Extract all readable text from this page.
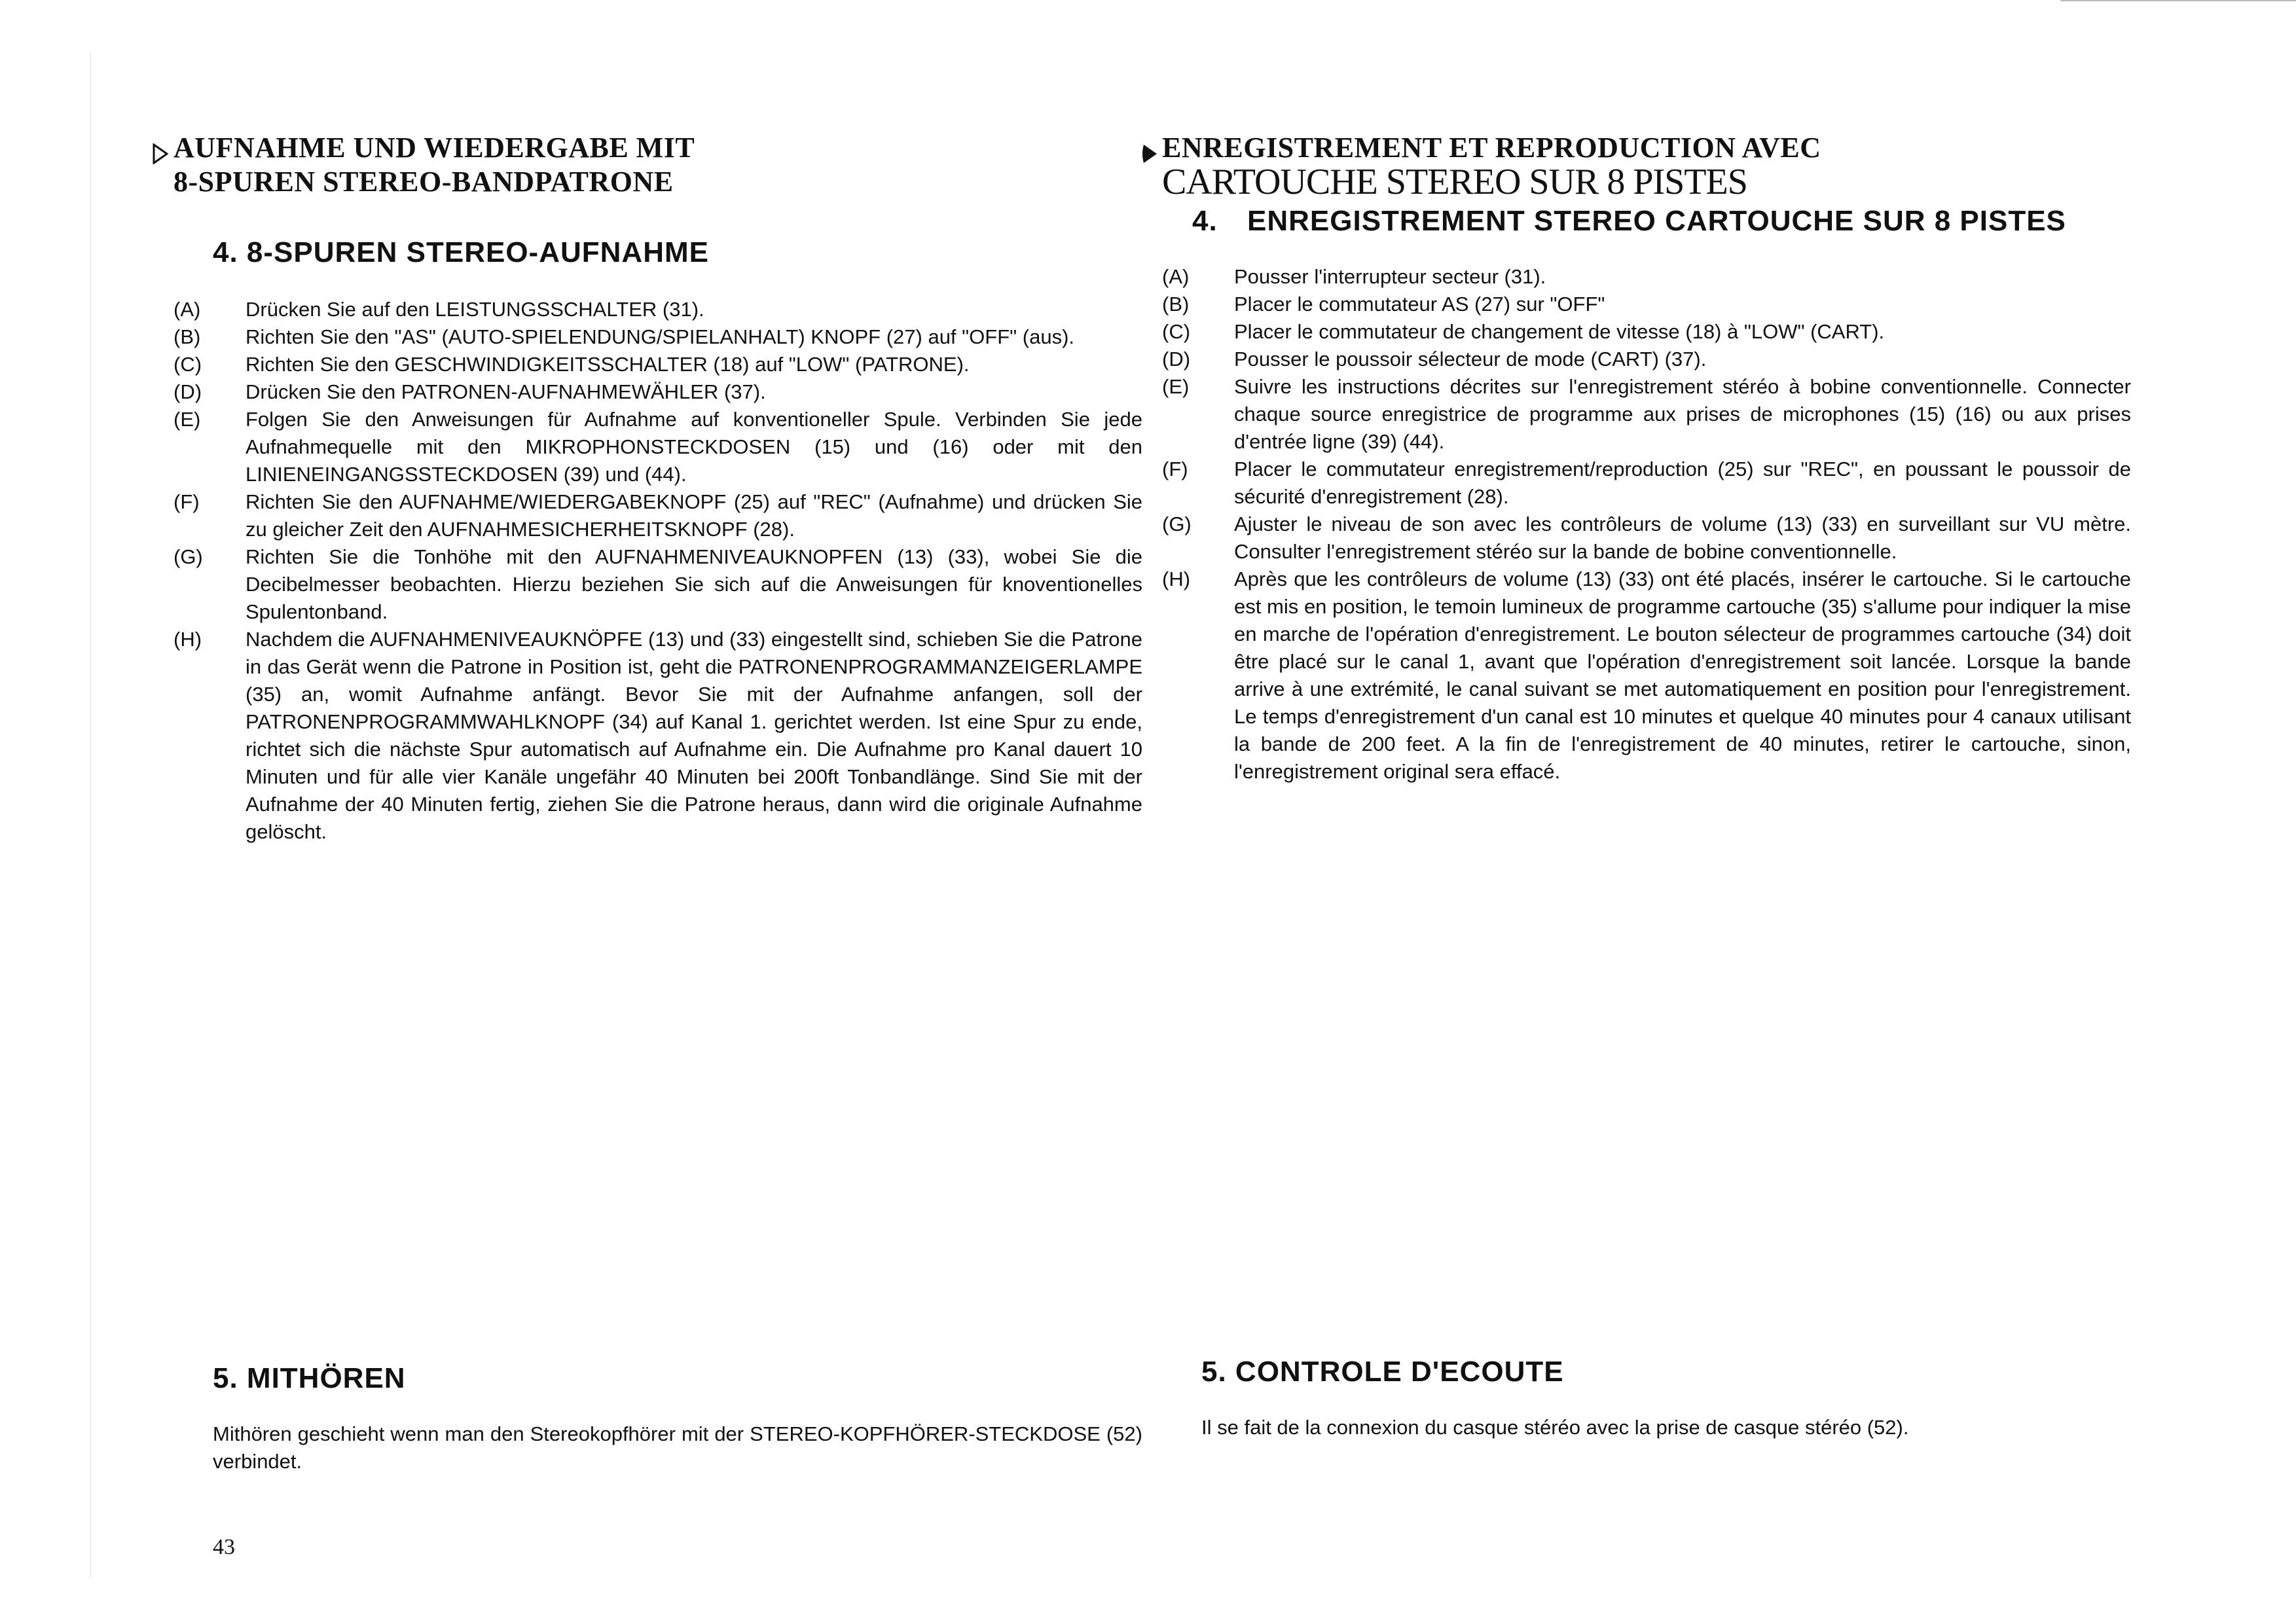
AUFNAHME UND WIEDERGABE MIT
8-SPUREN STEREO-BANDPATRONE
4. 8-SPUREN STEREO-AUFNAHME
(A)	Drücken Sie auf den LEISTUNGSSCHALTER (31).
(B)	Richten Sie den "AS" (AUTO-SPIELENDUNG/SPIELANHALT) KNOPF (27) auf "OFF" (aus).
(C)	Richten Sie den GESCHWINDIGKEITSSCHALTER (18) auf "LOW" (PATRONE).
(D)	Drücken Sie den PATRONEN-AUFNAHMEWÄHLER (37).
(E)	Folgen Sie den Anweisungen für Aufnahme auf konventioneller Spule. Verbinden Sie jede Aufnahmequelle mit den MIKROPHONSTECKDOSEN (15) und (16) oder mit den LINIENEINGANGSSTECKDOSEN (39) und (44).
(F)	Richten Sie den AUFNAHME/WIEDERGABEKNOPF (25) auf "REC" (Aufnahme) und drücken Sie zu gleicher Zeit den AUFNAHMESICHERHEITSKNOPF (28).
(G)	Richten Sie die Tonhöhe mit den AUFNAHMENIVEAUKNOPFEN (13) (33), wobei Sie die Decibelmesser beobachten. Hierzu beziehen Sie sich auf die Anweisungen für knoventionelles Spulentonband.
(H)	Nachdem die AUFNAHMENIVEAUKNÖPFE (13) und (33) eingestellt sind, schieben Sie die Patrone in das Gerät wenn die Patrone in Position ist, geht die PATRONENPROGRAMMANZEIGERLAMPE (35) an, womit Aufnahme anfängt. Bevor Sie mit der Aufnahme anfangen, soll der PATRONENPROGRAMMWAHLKNOPF (34) auf Kanal 1. gerichtet werden. Ist eine Spur zu ende, richtet sich die nächste Spur automatisch auf Aufnahme ein. Die Aufnahme pro Kanal dauert 10 Minuten und für alle vier Kanäle ungefähr 40 Minuten bei 200ft Tonbandlänge. Sind Sie mit der Aufnahme der 40 Minuten fertig, ziehen Sie die Patrone heraus, dann wird die originale Aufnahme gelöscht.
ENREGISTREMENT ET REPRODUCTION AVEC
CARTOUCHE STEREO SUR 8 PISTES
4.	ENREGISTREMENT STEREO CARTOUCHE SUR 8 PISTES
(A)	Pousser l'interrupteur secteur (31).
(B)	Placer le commutateur AS (27) sur "OFF"
(C)	Placer le commutateur de changement de vitesse (18) à "LOW" (CART).
(D)	Pousser le poussoir sélecteur de mode (CART) (37).
(E)	Suivre les instructions décrites sur l'enregistrement stéréo à bobine conventionnelle. Connecter chaque source enregistrice de programme aux prises de microphones (15) (16) ou aux prises d'entrée ligne (39) (44).
(F)	Placer le commutateur enregistrement/reproduction (25) sur "REC", en poussant le poussoir de sécurité d'enregistrement (28).
(G)	Ajuster le niveau de son avec les contrôleurs de volume (13) (33) en surveillant sur VU mètre. Consulter l'enregistrement stéréo sur la bande de bobine conventionnelle.
(H)	Après que les contrôleurs de volume (13) (33) ont été placés, insérer le cartouche. Si le cartouche est mis en position, le temoin lumineux de programme cartouche (35) s'allume pour indiquer la mise en marche de l'opération d'enregistrement. Le bouton sélecteur de programmes cartouche (34) doit être placé sur le canal 1, avant que l'opération d'enregistrement soit lancée. Lorsque la bande arrive à une extrémité, le canal suivant se met automatiquement en position pour l'enregistrement. Le temps d'enregistrement d'un canal est 10 minutes et quelque 40 minutes pour 4 canaux utilisant la bande de 200 feet. A la fin de l'enregistrement de 40 minutes, retirer le cartouche, sinon, l'enregistrement original sera effacé.
5. MITHÖREN
Mithören geschieht wenn man den Stereokopfhörer mit der STEREO-KOPFHÖRER-STECKDOSE (52) verbindet.
5. CONTROLE D'ECOUTE
Il se fait de la connexion du casque stéréo avec la prise de casque stéréo (52).
43
